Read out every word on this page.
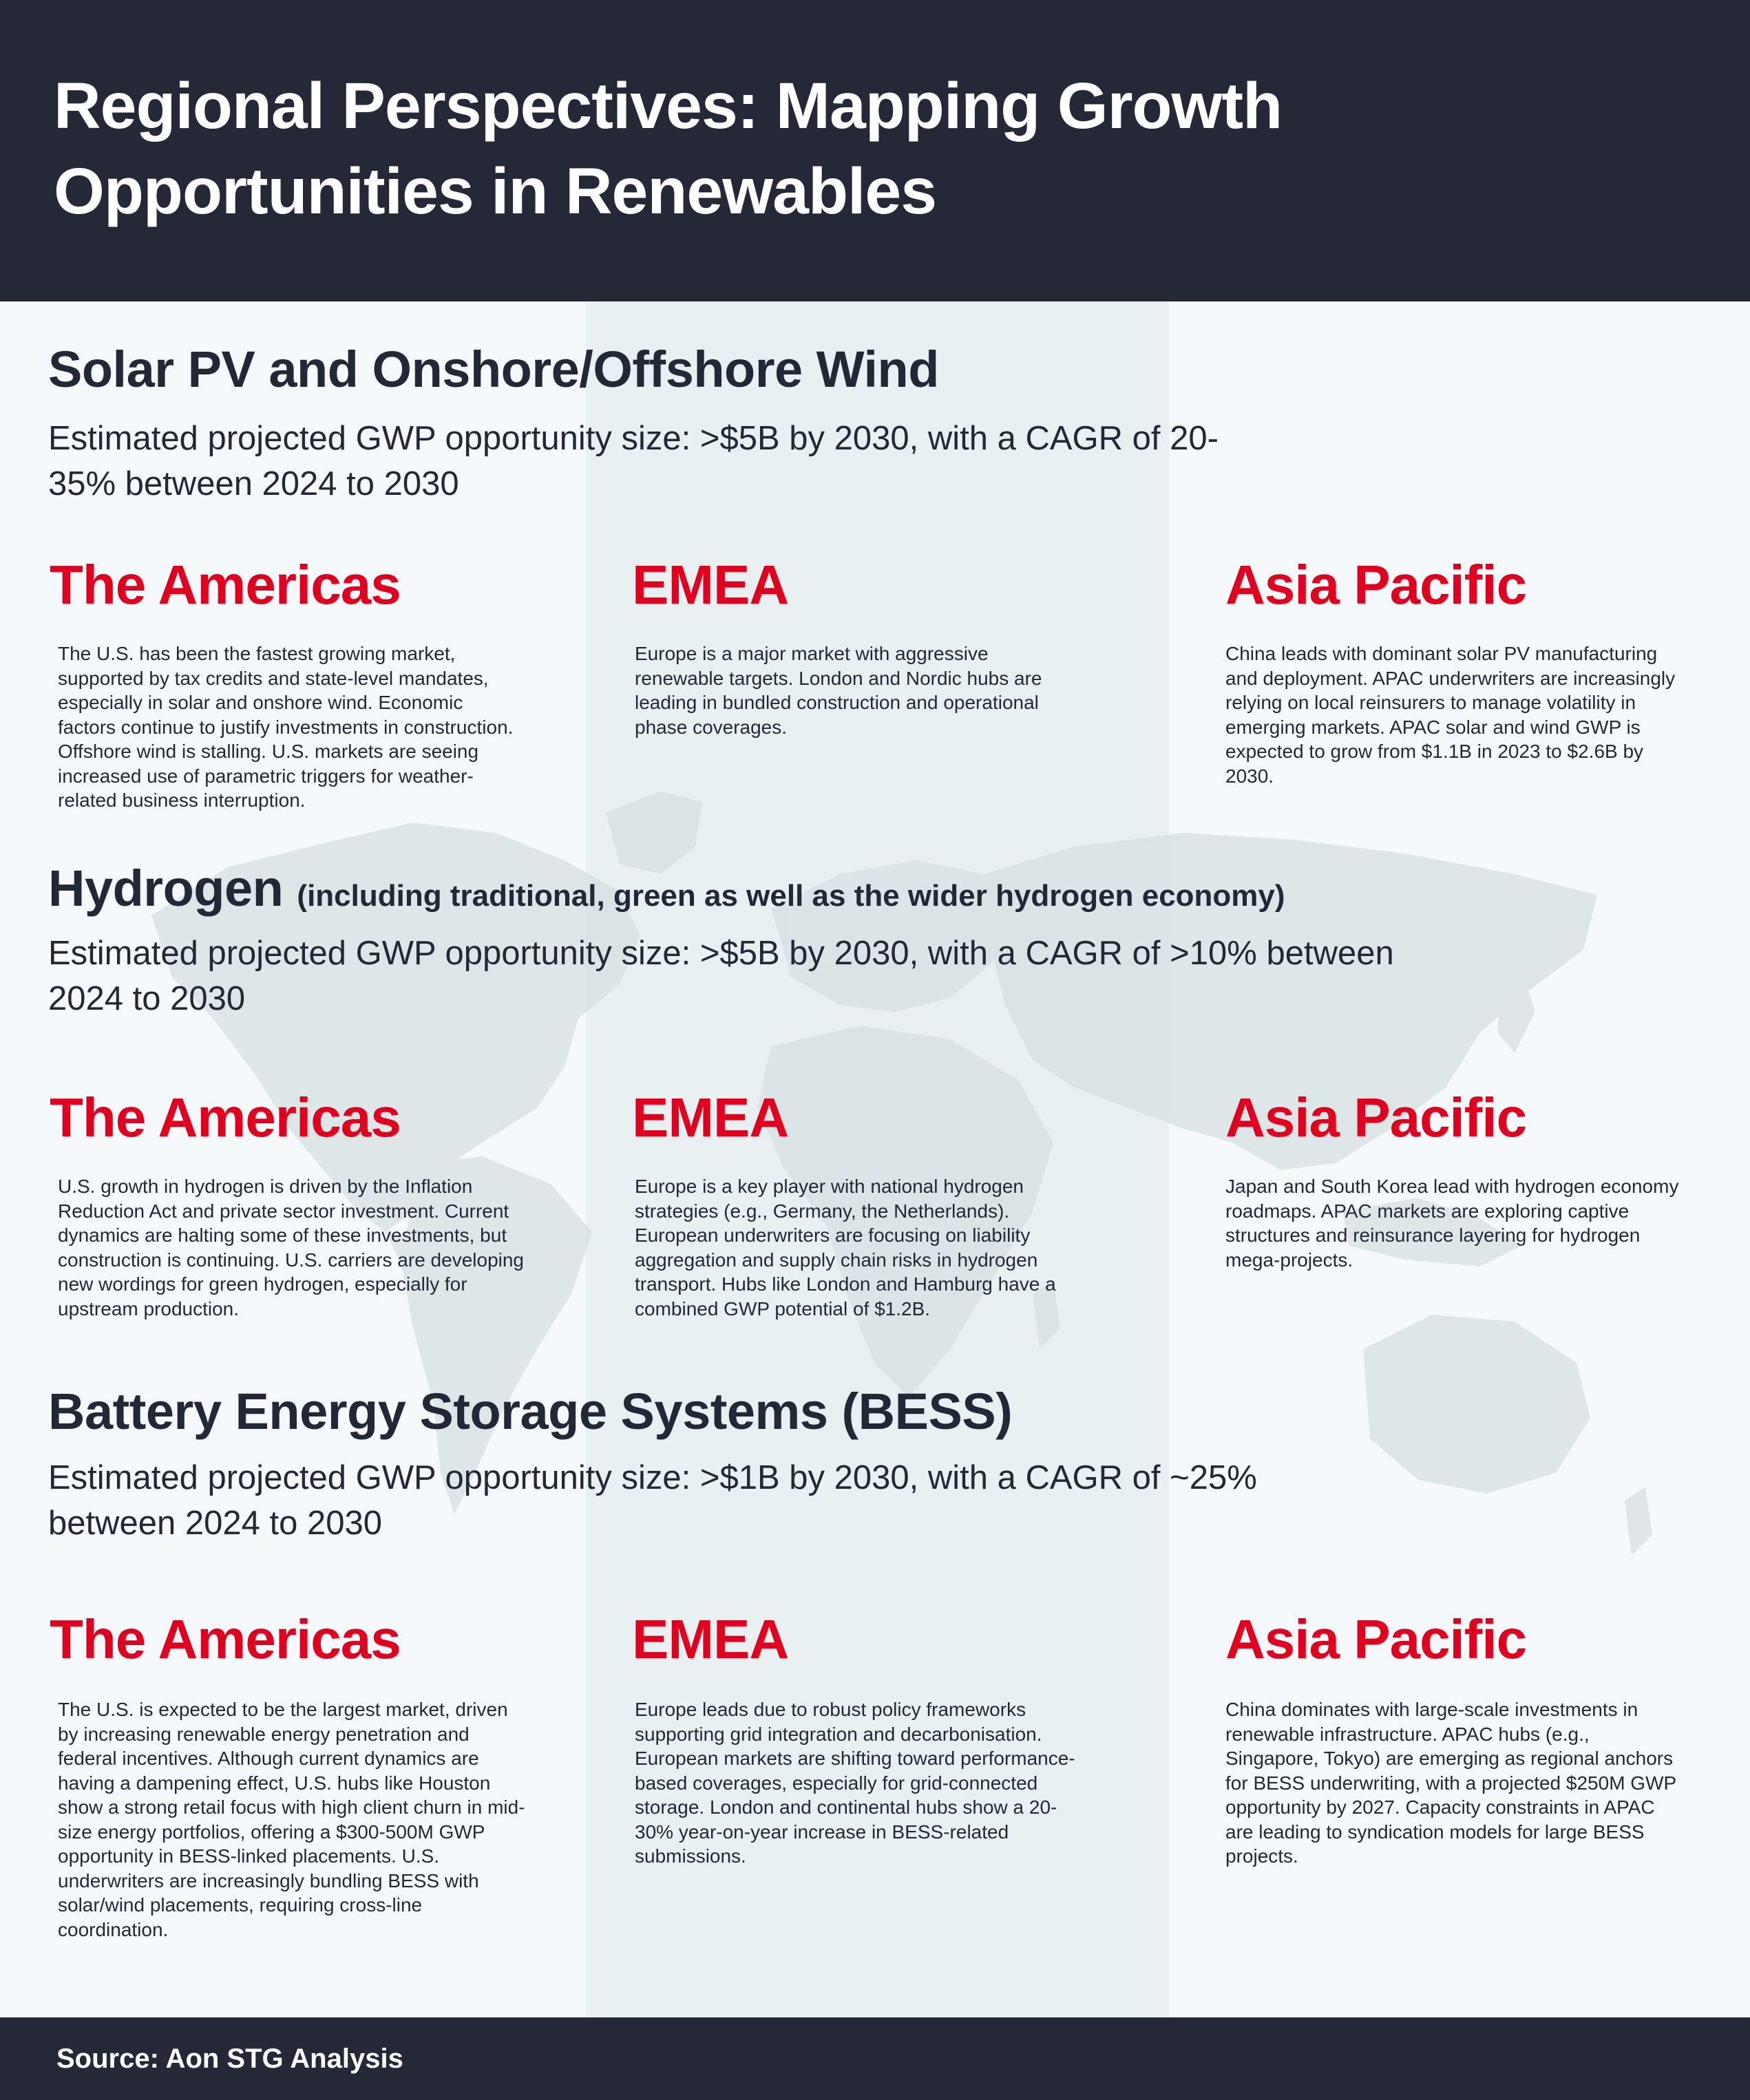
Regional Perspectives: Mapping Growth Opportunities in Renewables
Solar PV and Onshore/Offshore Wind

Estimated projected GWP opportunity size: >$5B by 2030, with a CAGR of 20-35% between 2024 to 2030

The Americas

The U.S. has been the fastest growing market, supported by tax credits and state-level mandates, especially in solar and onshore wind. Economic factors continue to justify investments in construction. Offshore wind is stalling. U.S. markets are seeing increased use of parametric triggers for weather-related business interruption.

EMEA

Europe is a major market with aggressive renewable targets. London and Nordic hubs are leading in bundled construction and operational phase coverages.

Asia Pacific

China leads with dominant solar PV manufacturing and deployment. APAC underwriters are increasingly relying on local reinsurers to manage volatility in emerging markets. APAC solar and wind GWP is expected to grow from $1.1B in 2023 to $2.6B by 2030.

Hydrogen (including traditional, green as well as the wider hydrogen economy)

Estimated projected GWP opportunity size: >$5B by 2030, with a CAGR of >10% between 2024 to 2030

The Americas

U.S. growth in hydrogen is driven by the Inflation Reduction Act and private sector investment. Current dynamics are halting some of these investments, but construction is continuing. U.S. carriers are developing new wordings for green hydrogen, especially for upstream production.

EMEA

Europe is a key player with national hydrogen strategies (e.g., Germany, the Netherlands). European underwriters are focusing on liability aggregation and supply chain risks in hydrogen transport. Hubs like London and Hamburg have a combined GWP potential of $1.2B.

Asia Pacific

Japan and South Korea lead with hydrogen economy roadmaps. APAC markets are exploring captive structures and reinsurance layering for hydrogen mega-projects.

Battery Energy Storage Systems (BESS)

Estimated projected GWP opportunity size: >$1B by 2030, with a CAGR of ~25% between 2024 to 2030

The Americas

The U.S. is expected to be the largest market, driven by increasing renewable energy penetration and federal incentives. Although current dynamics are having a dampening effect, U.S. hubs like Houston show a strong retail focus with high client churn in mid-size energy portfolios, offering a $300-500M GWP opportunity in BESS-linked placements. U.S. underwriters are increasingly bundling BESS with solar/wind placements, requiring cross-line coordination.

EMEA

Europe leads due to robust policy frameworks supporting grid integration and decarbonisation. European markets are shifting toward performance-based coverages, especially for grid-connected storage. London and continental hubs show a 20-30% year-on-year increase in BESS-related submissions.

Asia Pacific

China dominates with large-scale investments in renewable infrastructure. APAC hubs (e.g., Singapore, Tokyo) are emerging as regional anchors for BESS underwriting, with a projected $250M GWP opportunity by 2027. Capacity constraints in APAC are leading to syndication models for large BESS projects.

Source: Aon STG Analysis
